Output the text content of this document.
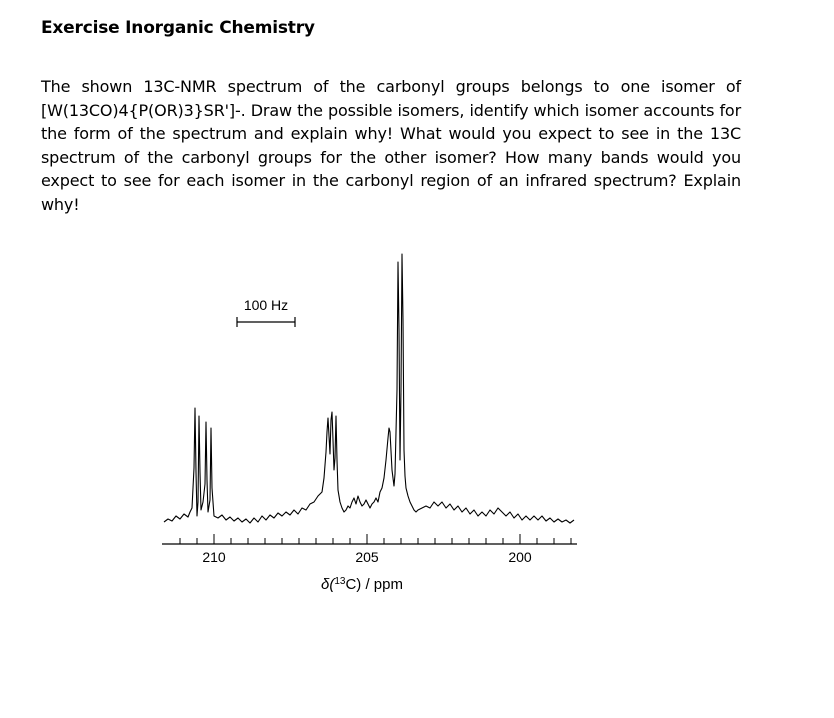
Exercise Inorganic Chemistry

The shown 13C-NMR spectrum of the carbonyl groups belongs to one isomer of [W(13CO)4{P(OR)3}SR']-. Draw the possible isomers, identify which isomer accounts for the form of the spectrum and explain why! What would you expect to see in the 13C spectrum of the carbonyl groups for the other isomer? How many bands would you expect to see for each isomer in the carbonyl region of an infrared spectrum? Explain why!

100 Hz
210	205	200
δ($^{13}$C) / ppm
